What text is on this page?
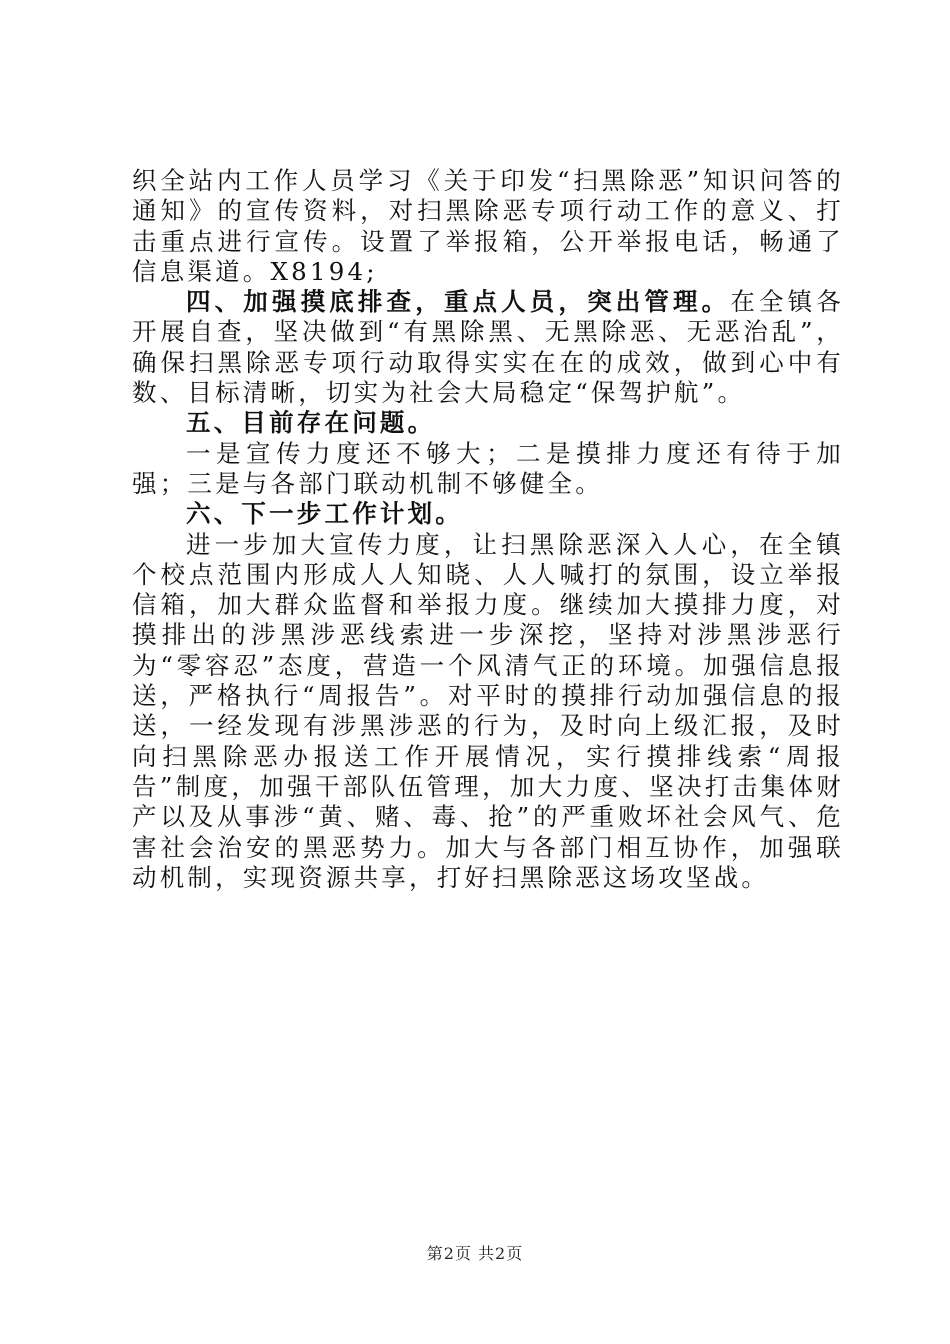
织全站内工作人员学习《关于印发“扫黑除恶”知识问答的通知》的宣传资料，对扫黑除恶专项行动工作的意义、打击重点进行宣传。设置了举报箱，公开举报电话，畅通了信息渠道。X8194;

四、加强摸底排查，重点人员，突出管理。在全镇各开展自查，坚决做到“有黑除黑、无黑除恶、无恶治乱”，确保扫黑除恶专项行动取得实实在在的成效，做到心中有数、目标清晰，切实为社会大局稳定“保驾护航”。

五、目前存在问题。

一是宣传力度还不够大；二是摸排力度还有待于加强；三是与各部门联动机制不够健全。

六、下一步工作计划。

进一步加大宣传力度，让扫黑除恶深入人心，在全镇个校点范围内形成人人知晓、人人喊打的氛围，设立举报信箱，加大群众监督和举报力度。继续加大摸排力度，对摸排出的涉黑涉恶线索进一步深挖，坚持对涉黑涉恶行为“零容忍”态度，营造一个风清气正的环境。加强信息报送，严格执行“周报告”。对平时的摸排行动加强信息的报送，一经发现有涉黑涉恶的行为，及时向上级汇报，及时向扫黑除恶办报送工作开展情况，实行摸排线索“周报告”制度，加强干部队伍管理，加大力度、坚决打击集体财产以及从事涉“黄、赌、毒、抢”的严重败坏社会风气、危害社会治安的黑恶势力。加大与各部门相互协作，加强联动机制，实现资源共享，打好扫黑除恶这场攻坚战。

第2页 共2页
